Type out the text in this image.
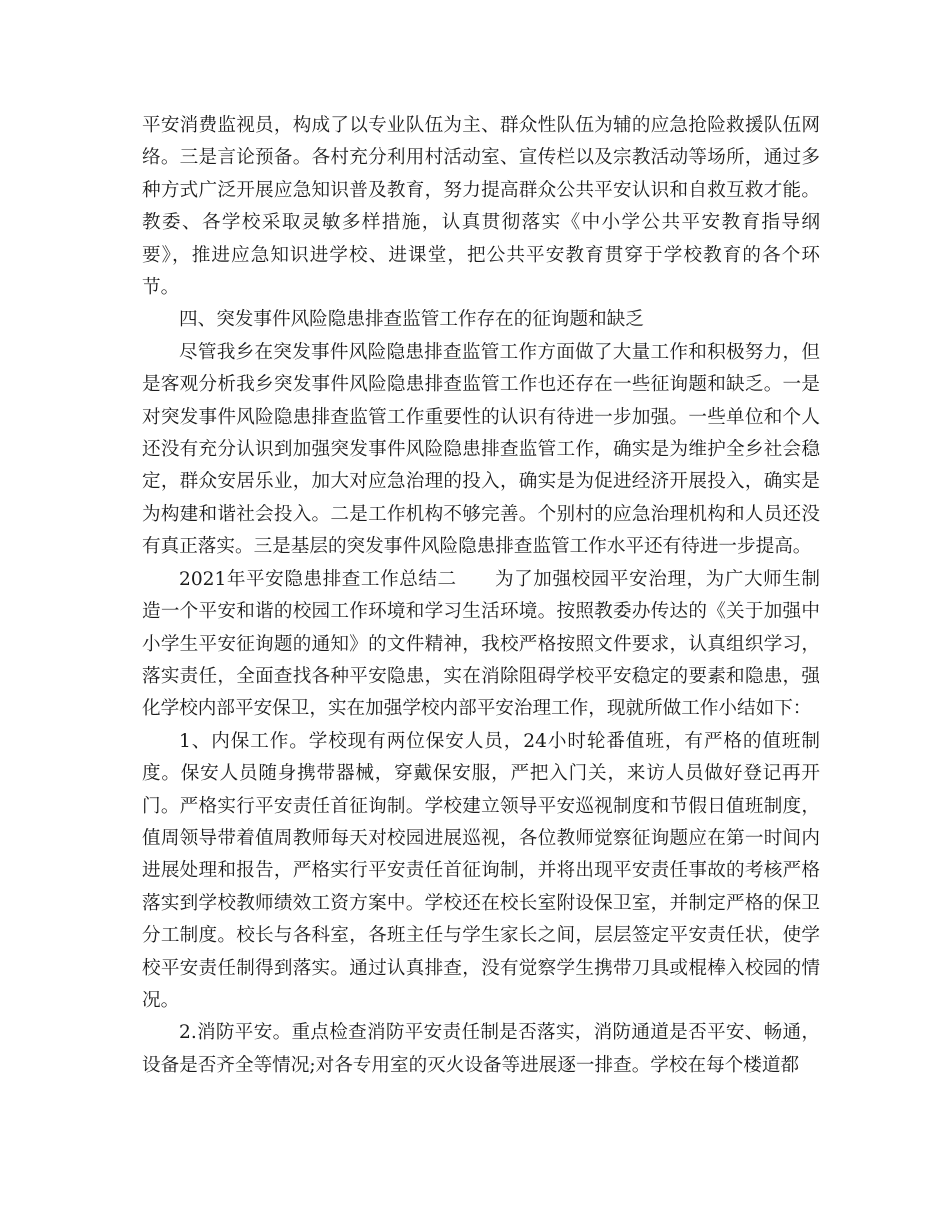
平安消费监视员，构成了以专业队伍为主、群众性队伍为辅的应急抢险救援队伍网络。三是言论预备。各村充分利用村活动室、宣传栏以及宗教活动等场所，通过多种方式广泛开展应急知识普及教育，努力提高群众公共平安认识和自救互救才能。教委、各学校采取灵敏多样措施，认真贯彻落实《中小学公共平安教育指导纲要》，推进应急知识进学校、进课堂，把公共平安教育贯穿于学校教育的各个环节。

四、突发事件风险隐患排查监管工作存在的征询题和缺乏

尽管我乡在突发事件风险隐患排查监管工作方面做了大量工作和积极努力，但是客观分析我乡突发事件风险隐患排查监管工作也还存在一些征询题和缺乏。一是对突发事件风险隐患排查监管工作重要性的认识有待进一步加强。一些单位和个人还没有充分认识到加强突发事件风险隐患排查监管工作，确实是为维护全乡社会稳定，群众安居乐业，加大对应急治理的投入，确实是为促进经济开展投入，确实是为构建和谐社会投入。二是工作机构不够完善。个别村的应急治理机构和人员还没有真正落实。三是基层的突发事件风险隐患排查监管工作水平还有待进一步提高。

2021年平安隐患排查工作总结二　　为了加强校园平安治理，为广大师生制造一个平安和谐的校园工作环境和学习生活环境。按照教委办传达的《关于加强中小学生平安征询题的通知》的文件精神，我校严格按照文件要求，认真组织学习，落实责任，全面查找各种平安隐患，实在消除阻碍学校平安稳定的要素和隐患，强化学校内部平安保卫，实在加强学校内部平安治理工作，现就所做工作小结如下：

1、内保工作。学校现有两位保安人员，24小时轮番值班，有严格的值班制度。保安人员随身携带器械，穿戴保安服，严把入门关，来访人员做好登记再开门。严格实行平安责任首征询制。学校建立领导平安巡视制度和节假日值班制度，值周领导带着值周教师每天对校园进展巡视，各位教师觉察征询题应在第一时间内进展处理和报告，严格实行平安责任首征询制，并将出现平安责任事故的考核严格落实到学校教师绩效工资方案中。学校还在校长室附设保卫室，并制定严格的保卫分工制度。校长与各科室，各班主任与学生家长之间，层层签定平安责任状，使学校平安责任制得到落实。通过认真排查，没有觉察学生携带刀具或棍棒入校园的情况。

2.消防平安。重点检查消防平安责任制是否落实，消防通道是否平安、畅通，设备是否齐全等情况;对各专用室的灭火设备等进展逐一排查。学校在每个楼道都
